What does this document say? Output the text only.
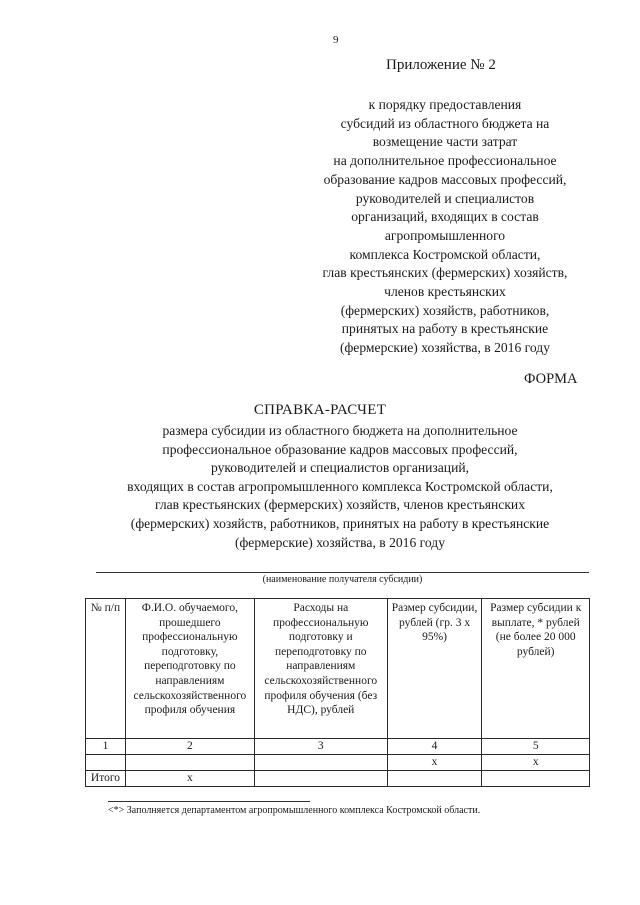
9
Приложение № 2
к порядку предоставления
субсидий из областного бюджета на
возмещение части затрат
на дополнительное профессиональное
образование кадров массовых профессий,
руководителей и специалистов
организаций, входящих в состав
агропромышленного
комплекса Костромской области,
глав крестьянских (фермерских) хозяйств,
членов крестьянских
(фермерских) хозяйств, работников,
принятых на работу в крестьянские
(фермерские) хозяйства, в 2016 году
ФОРМА
СПРАВКА-РАСЧЕТ
размера субсидии из областного бюджета на дополнительное
профессиональное образование кадров массовых профессий,
руководителей и специалистов организаций,
входящих в состав агропромышленного комплекса Костромской области,
глав крестьянских (фермерских) хозяйств, членов крестьянских
(фермерских) хозяйств, работников, принятых на работу в крестьянские
(фермерские) хозяйства, в 2016 году
(наименование получателя субсидии)
№ п/п	Ф.И.О. обучаемого, прошедшего профессиональную подготовку, переподготовку по направлениям сельскохозяйственного профиля обучения	Расходы на профессиональную подготовку и переподготовку по направлениям сельскохозяйственного профиля обучения (без НДС), рублей	Размер субсидии, рублей (гр. 3 х 95%)	Размер субсидии к выплате, * рублей (не более 20 000 рублей)
1	2	3	4	5
			х	х
Итого	х			
<*> Заполняется департаментом агропромышленного комплекса Костромской области.
